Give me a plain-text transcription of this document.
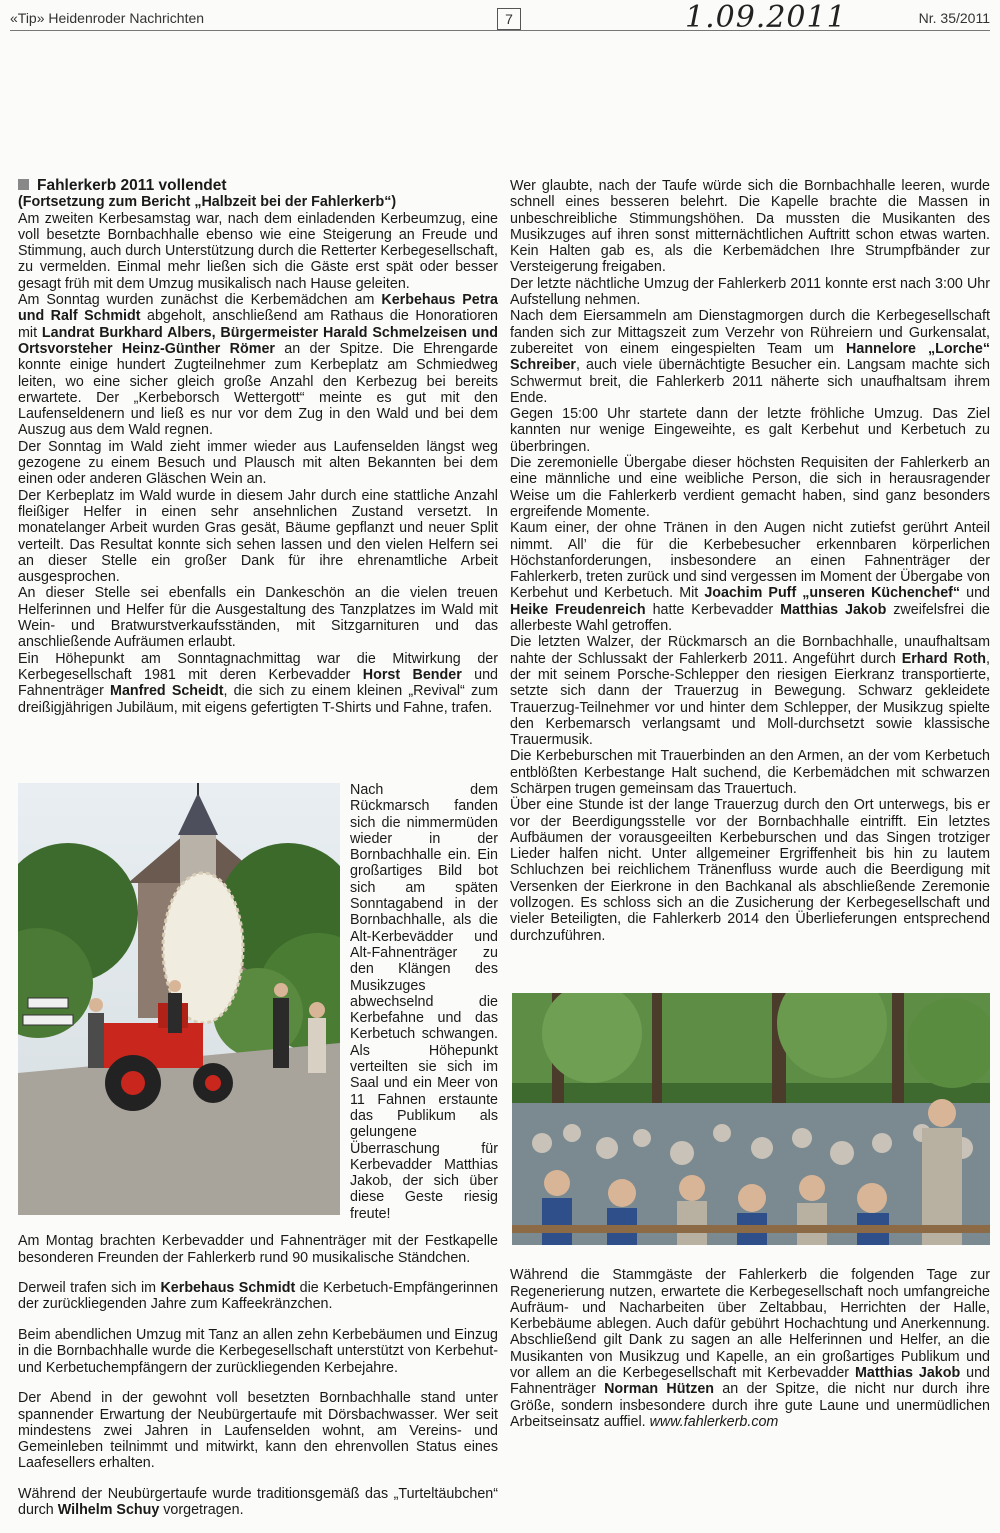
«Tip» Heidenroder Nachrichten	7	1.09.2011	Nr. 35/2011

Fahlerkerb 2011 vollendet

(Fortsetzung zum Bericht „Halbzeit bei der Fahlerkerb“)

Am zweiten Kerbesamstag war, nach dem einladenden Kerbeumzug, eine voll besetzte Bornbachhalle ebenso wie eine Steigerung an Freude und Stimmung, auch durch Unterstützung durch die Retterter Kerbegesellschaft, zu vermelden. Einmal mehr ließen sich die Gäste erst spät oder besser gesagt früh mit dem Umzug musikalisch nach Hause geleiten.

Am Sonntag wurden zunächst die Kerbemädchen am Kerbehaus Petra und Ralf Schmidt abgeholt, anschließend am Rathaus die Honoratioren mit Landrat Burkhard Albers, Bürgermeister Harald Schmelzeisen und Ortsvorsteher Heinz-Günther Römer an der Spitze. Die Ehrengarde konnte einige hundert Zugteilnehmer zum Kerbeplatz am Schmiedweg leiten, wo eine sicher gleich große Anzahl den Kerbezug bei bereits erwartete. Der „Kerbeborsch Wettergott“ meinte es gut mit den Laufenseldenern und ließ es nur vor dem Zug in den Wald und bei dem Auszug aus dem Wald regnen.

Der Sonntag im Wald zieht immer wieder aus Laufenselden längst weg gezogene zu einem Besuch und Plausch mit alten Bekannten bei dem einen oder anderen Gläschen Wein an.

Der Kerbeplatz im Wald wurde in diesem Jahr durch eine stattliche Anzahl fleißiger Helfer in einen sehr ansehnlichen Zustand versetzt. In monatelanger Arbeit wurden Gras gesät, Bäume gepflanzt und neuer Split verteilt. Das Resultat konnte sich sehen lassen und den vielen Helfern sei an dieser Stelle ein großer Dank für ihre ehrenamtliche Arbeit ausgesprochen.

An dieser Stelle sei ebenfalls ein Dankeschön an die vielen treuen Helferinnen und Helfer für die Ausgestaltung des Tanzplatzes im Wald mit Wein- und Bratwurstverkaufsständen, mit Sitzgarnituren und das anschließende Aufräumen erlaubt.

Ein Höhepunkt am Sonntagnachmittag war die Mitwirkung der Kerbegesellschaft 1981 mit deren Kerbevadder Horst Bender und Fahnenträger Manfred Scheidt, die sich zu einem kleinen „Revival“ zum dreißigjährigen Jubiläum, mit eigens gefertigten T-Shirts und Fahne, trafen.

Nach dem Rückmarsch fanden sich die nimmermüden wieder in der Bornbachhalle ein. Ein großartiges Bild bot sich am späten Sonntagabend in der Bornbachhalle, als die Alt-Kerbevädder und Alt-Fahnenträger zu den Klängen des Musikzuges abwechselnd die Kerbefahne und das Kerbetuch schwangen. Als Höhepunkt verteilten sie sich im Saal und ein Meer von 11 Fahnen erstaunte das Publikum als gelungene Überraschung für Kerbevadder Matthias Jakob, der sich über diese Geste riesig freute!

Am Montag brachten Kerbevadder und Fahnenträger mit der Festkapelle besonderen Freunden der Fahlerkerb rund 90 musikalische Ständchen.

Derweil trafen sich im Kerbehaus Schmidt die Kerbetuch-Empfängerinnen der zurückliegenden Jahre zum Kaffeekränzchen.

Beim abendlichen Umzug mit Tanz an allen zehn Kerbebäumen und Einzug in die Bornbachhalle wurde die Kerbegesellschaft unterstützt von Kerbehut- und Kerbetuchempfängern der zurückliegenden Kerbejahre.

Der Abend in der gewohnt voll besetzten Bornbachhalle stand unter spannender Erwartung der Neubürgertaufe mit Dörsbachwasser. Wer seit mindestens zwei Jahren in Laufenselden wohnt, am Vereins- und Gemeinleben teilnimmt und mitwirkt, kann den ehrenvollen Status eines Laafesellers erhalten.

Während der Neubürgertaufe wurde traditionsgemäß das „Turteltäubchen“ durch Wilhelm Schuy vorgetragen.

Wer glaubte, nach der Taufe würde sich die Bornbachhalle leeren, wurde schnell eines besseren belehrt. Die Kapelle brachte die Massen in unbeschreibliche Stimmungshöhen. Da mussten die Musikanten des Musikzuges auf ihren sonst mitternächtlichen Auftritt schon etwas warten. Kein Halten gab es, als die Kerbemädchen Ihre Strumpfbänder zur Versteigerung freigaben.

Der letzte nächtliche Umzug der Fahlerkerb 2011 konnte erst nach 3:00 Uhr Aufstellung nehmen.

Nach dem Eiersammeln am Dienstagmorgen durch die Kerbegesellschaft fanden sich zur Mittagszeit zum Verzehr von Rühreiern und Gurkensalat, zubereitet von einem eingespielten Team um Hannelore „Lorche“ Schreiber, auch viele übernächtigte Besucher ein. Langsam machte sich Schwermut breit, die Fahlerkerb 2011 näherte sich unaufhaltsam ihrem Ende.

Gegen 15:00 Uhr startete dann der letzte fröhliche Umzug. Das Ziel kannten nur wenige Eingeweihte, es galt Kerbehut und Kerbetuch zu überbringen.

Die zeremonielle Übergabe dieser höchsten Requisiten der Fahlerkerb an eine männliche und eine weibliche Person, die sich in herausragender Weise um die Fahlerkerb verdient gemacht haben, sind ganz besonders ergreifende Momente.

Kaum einer, der ohne Tränen in den Augen nicht zutiefst gerührt Anteil nimmt. All’ die für die Kerbebesucher erkennbaren körperlichen Höchstanforderungen, insbesondere an einen Fahnenträger der Fahlerkerb, treten zurück und sind vergessen im Moment der Übergabe von Kerbehut und Kerbetuch. Mit Joachim Puff „unseren Küchenchef“ und Heike Freudenreich hatte Kerbevadder Matthias Jakob zweifelsfrei die allerbeste Wahl getroffen.

Die letzten Walzer, der Rückmarsch an die Bornbachhalle, unaufhaltsam nahte der Schlussakt der Fahlerkerb 2011. Angeführt durch Erhard Roth, der mit seinem Porsche-Schlepper den riesigen Eierkranz transportierte, setzte sich dann der Trauerzug in Bewegung. Schwarz gekleidete Trauerzug-Teilnehmer vor und hinter dem Schlepper, der Musikzug spielte den Kerbemarsch verlangsamt und Moll-durchsetzt sowie klassische Trauermusik.

Die Kerbeburschen mit Trauerbinden an den Armen, an der vom Kerbetuch entblößten Kerbestange Halt suchend, die Kerbemädchen mit schwarzen Schärpen trugen gemeinsam das Trauertuch.

Über eine Stunde ist der lange Trauerzug durch den Ort unterwegs, bis er vor der Beerdigungsstelle vor der Bornbachhalle eintrifft. Ein letztes Aufbäumen der vorausgeeilten Kerbeburschen und das Singen trotziger Lieder halfen nicht. Unter allgemeiner Ergriffenheit bis hin zu lautem Schluchzen bei reichlichem Tränenfluss wurde auch die Beerdigung mit Versenken der Eierkrone in den Bachkanal als abschließende Zeremonie vollzogen. Es schloss sich an die Zusicherung der Kerbegesellschaft und vieler Beteiligten, die Fahlerkerb 2014 den Überlieferungen entsprechend durchzuführen.

Während die Stammgäste der Fahlerkerb die folgenden Tage zur Regenerierung nutzen, erwartete die Kerbegesellschaft noch umfangreiche Aufräum- und Nacharbeiten über Zeltabbau, Herrichten der Halle, Kerbebäume ablegen. Auch dafür gebührt Hochachtung und Anerkennung. Abschließend gilt Dank zu sagen an alle Helferinnen und Helfer, an die Musikanten von Musikzug und Kapelle, an ein großartiges Publikum und vor allem an die Kerbegesellschaft mit Kerbevadder Matthias Jakob und Fahnenträger Norman Hützen an der Spitze, die nicht nur durch ihre Größe, sondern insbesondere durch ihre gute Laune und unermüdlichen Arbeitseinsatz auffiel. www.fahlerkerb.com
